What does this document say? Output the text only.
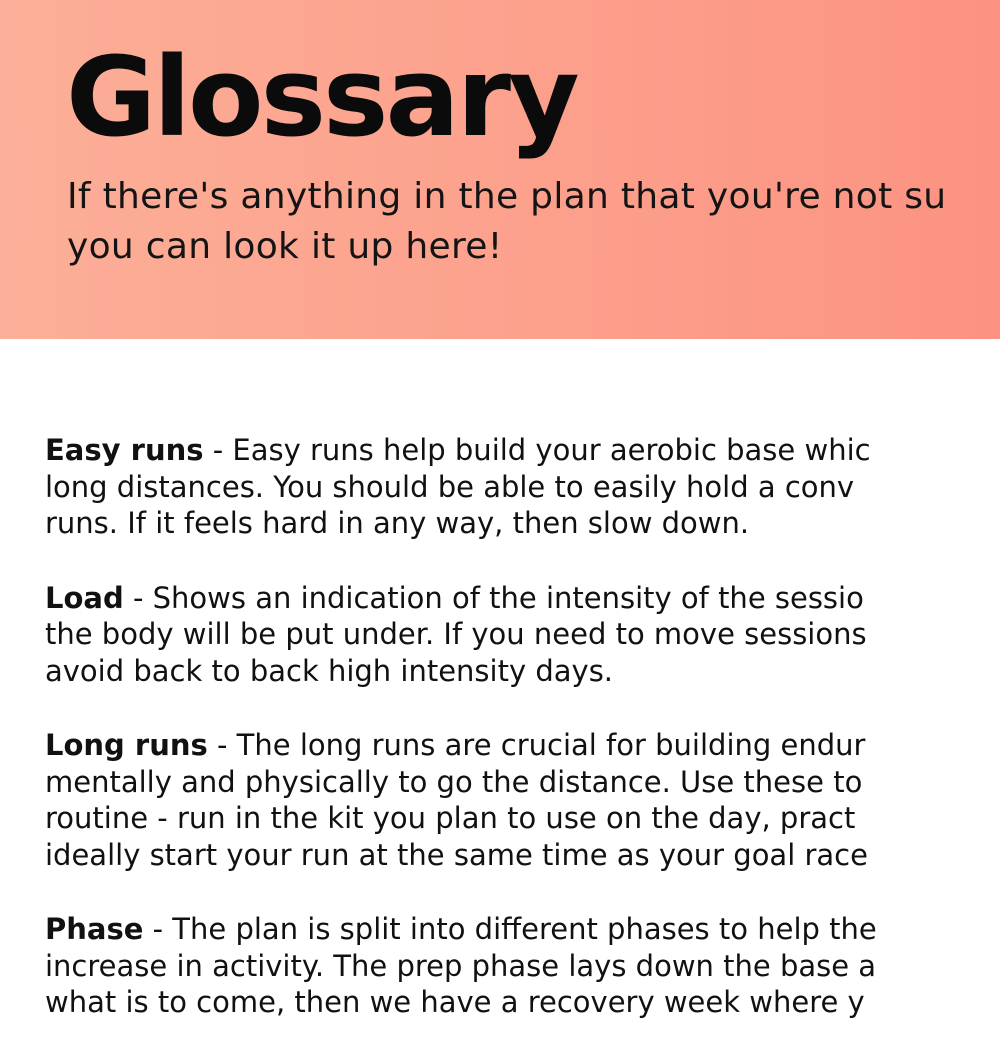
Glossary

If there's anything in the plan that you're not su
you can look it up here!

Easy runs - Easy runs help build your aerobic base whic
long distances. You should be able to easily hold a conv
runs. If it feels hard in any way, then slow down.

Load - Shows an indication of the intensity of the sessio
the body will be put under. If you need to move sessions
avoid back to back high intensity days.

Long runs - The long runs are crucial for building endur
mentally and physically to go the distance. Use these to
routine - run in the kit you plan to use on the day, pract
ideally start your run at the same time as your goal race

Phase - The plan is split into different phases to help the
increase in activity. The prep phase lays down the base a
what is to come, then we have a recovery week where y
